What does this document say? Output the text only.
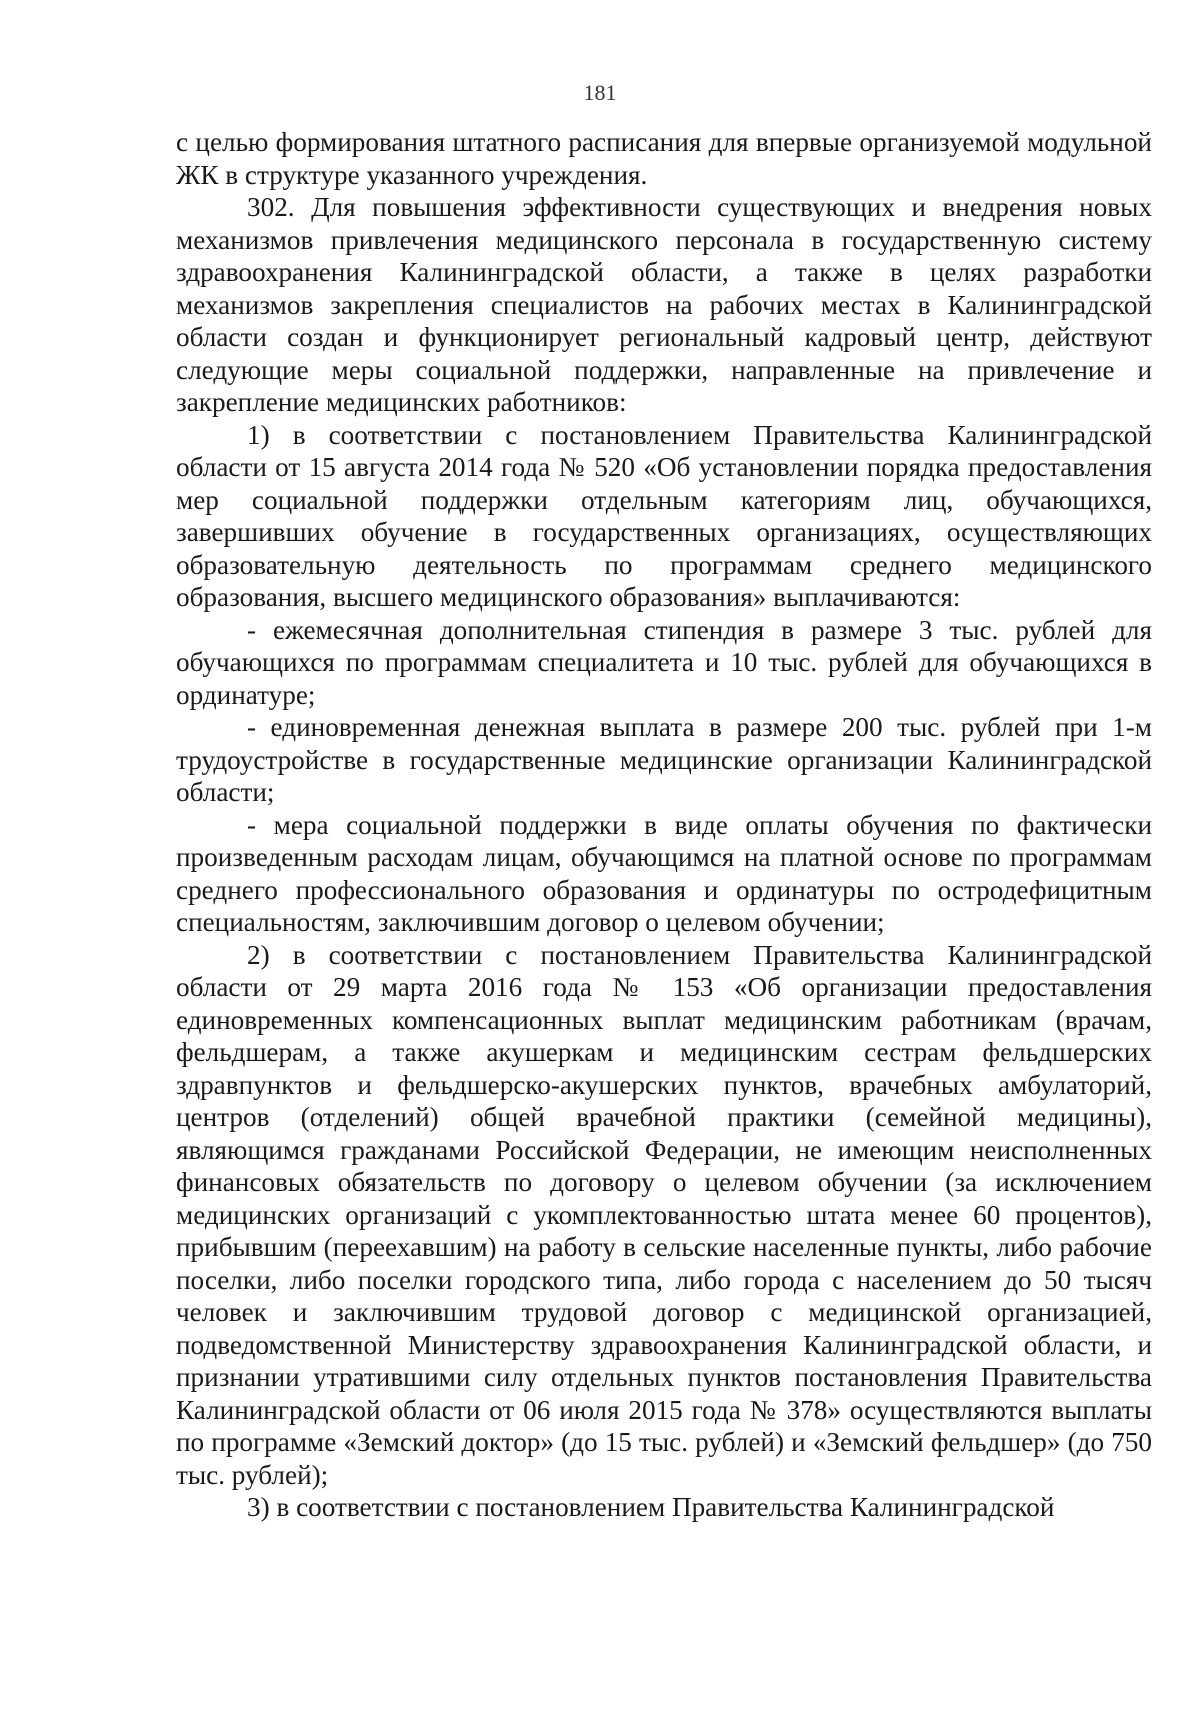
181

с целью формирования штатного расписания для впервые организуемой модульной ЖК в структуре указанного учреждения.

302. Для повышения эффективности существующих и внедрения новых механизмов привлечения медицинского персонала в государственную систему здравоохранения Калининградской области, а также в целях разработки механизмов закрепления специалистов на рабочих местах в Калининградской области создан и функционирует региональный кадровый центр, действуют следующие меры социальной поддержки, направленные на привлечение и закрепление медицинских работников:

1) в соответствии с постановлением Правительства Калининградской области от 15 августа 2014 года № 520 «Об установлении порядка предоставления мер социальной поддержки отдельным категориям лиц, обучающихся, завершивших обучение в государственных организациях, осуществляющих образовательную деятельность по программам среднего медицинского образования, высшего медицинского образования» выплачиваются:

- ежемесячная дополнительная стипендия в размере 3 тыс. рублей для обучающихся по программам специалитета и 10 тыс. рублей для обучающихся в ординатуре;

- единовременная денежная выплата в размере 200 тыс. рублей при 1-м трудоустройстве в государственные медицинские организации Калининградской области;

- мера социальной поддержки в виде оплаты обучения по фактически произведенным расходам лицам, обучающимся на платной основе по программам среднего профессионального образования и ординатуры по остродефицитным специальностям, заключившим договор о целевом обучении;

2) в соответствии с постановлением Правительства Калининградской области от 29 марта 2016 года № 153 «Об организации предоставления единовременных компенсационных выплат медицинским работникам (врачам, фельдшерам, а также акушеркам и медицинским сестрам фельдшерских здравпунктов и фельдшерско-акушерских пунктов, врачебных амбулаторий, центров (отделений) общей врачебной практики (семейной медицины), являющимся гражданами Российской Федерации, не имеющим неисполненных финансовых обязательств по договору о целевом обучении (за исключением медицинских организаций с укомплектованностью штата менее 60 процентов), прибывшим (переехавшим) на работу в сельские населенные пункты, либо рабочие поселки, либо поселки городского типа, либо города с населением до 50 тысяч человек и заключившим трудовой договор с медицинской организацией, подведомственной Министерству здравоохранения Калининградской области, и признании утратившими силу отдельных пунктов постановления Правительства Калининградской области от 06 июля 2015 года № 378» осуществляются выплаты по программе «Земский доктор» (до 15 тыс. рублей) и «Земский фельдшер» (до 750 тыс. рублей);

3) в соответствии с постановлением Правительства Калининградской
